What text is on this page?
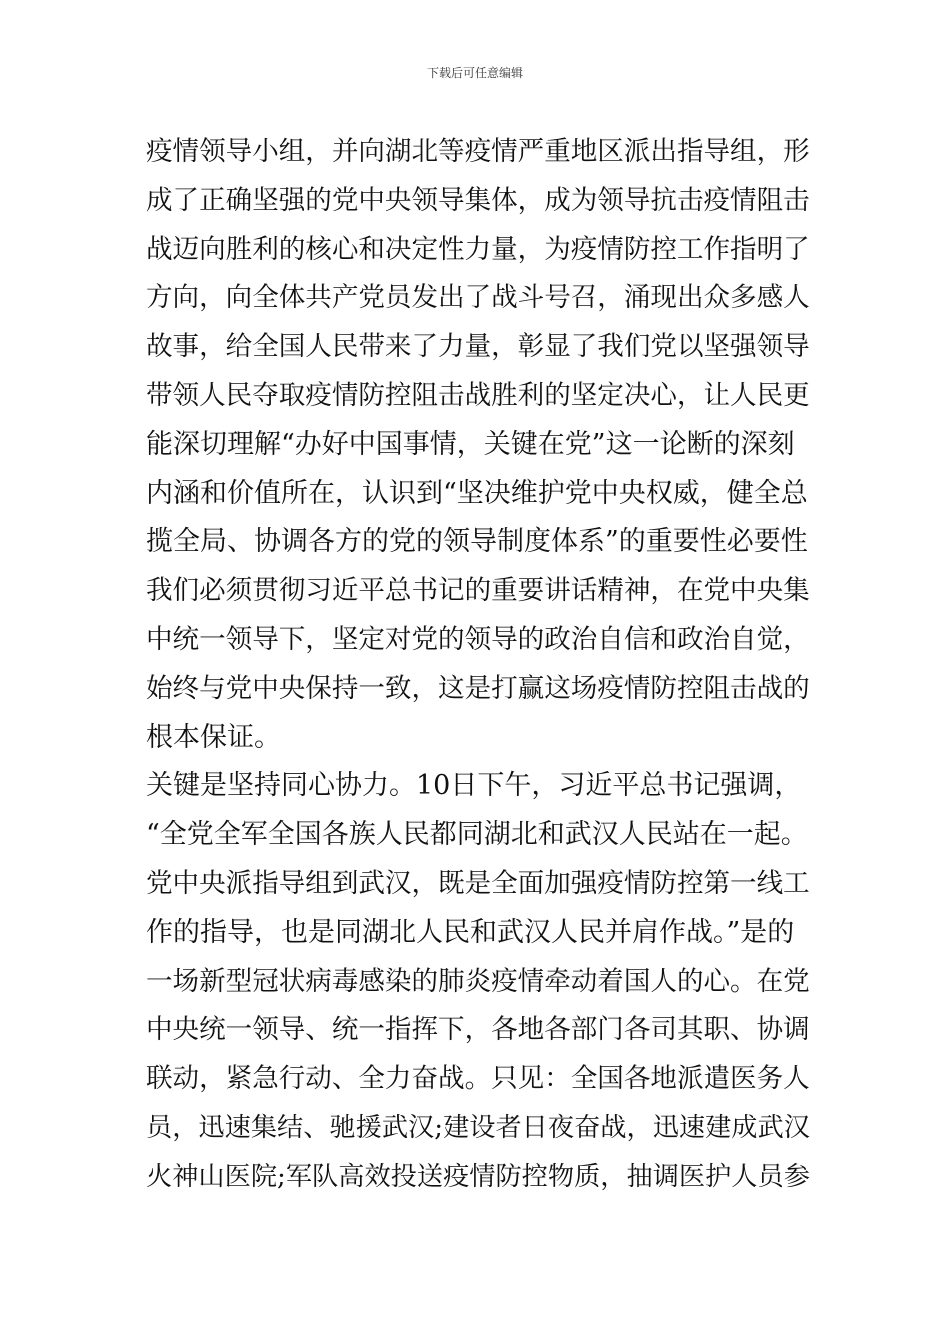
下载后可任意编辑
疫情领导小组，并向湖北等疫情严重地区派出指导组，形
成了正确坚强的党中央领导集体，成为领导抗击疫情阻击
战迈向胜利的核心和决定性力量，为疫情防控工作指明了
方向，向全体共产党员发出了战斗号召，涌现出众多感人
故事，给全国人民带来了力量，彰显了我们党以坚强领导
带领人民夺取疫情防控阻击战胜利的坚定决心，让人民更
能深切理解“办好中国事情，关键在党”这一论断的深刻
内涵和价值所在，认识到“坚决维护党中央权威，健全总
揽全局、协调各方的党的领导制度体系”的重要性必要性
我们必须贯彻习近平总书记的重要讲话精神，在党中央集
中统一领导下，坚定对党的领导的政治自信和政治自觉，
始终与党中央保持一致，这是打赢这场疫情防控阻击战的
根本保证。
关键是坚持同心协力。10日下午，习近平总书记强调，
“全党全军全国各族人民都同湖北和武汉人民站在一起。
党中央派指导组到武汉，既是全面加强疫情防控第一线工
作的指导，也是同湖北人民和武汉人民并肩作战。”是的
一场新型冠状病毒感染的肺炎疫情牵动着国人的心。在党
中央统一领导、统一指挥下，各地各部门各司其职、协调
联动，紧急行动、全力奋战。只见：全国各地派遣医务人
员，迅速集结、驰援武汉;建设者日夜奋战，迅速建成武汉
火神山医院;军队高效投送疫情防控物质，抽调医护人员参
